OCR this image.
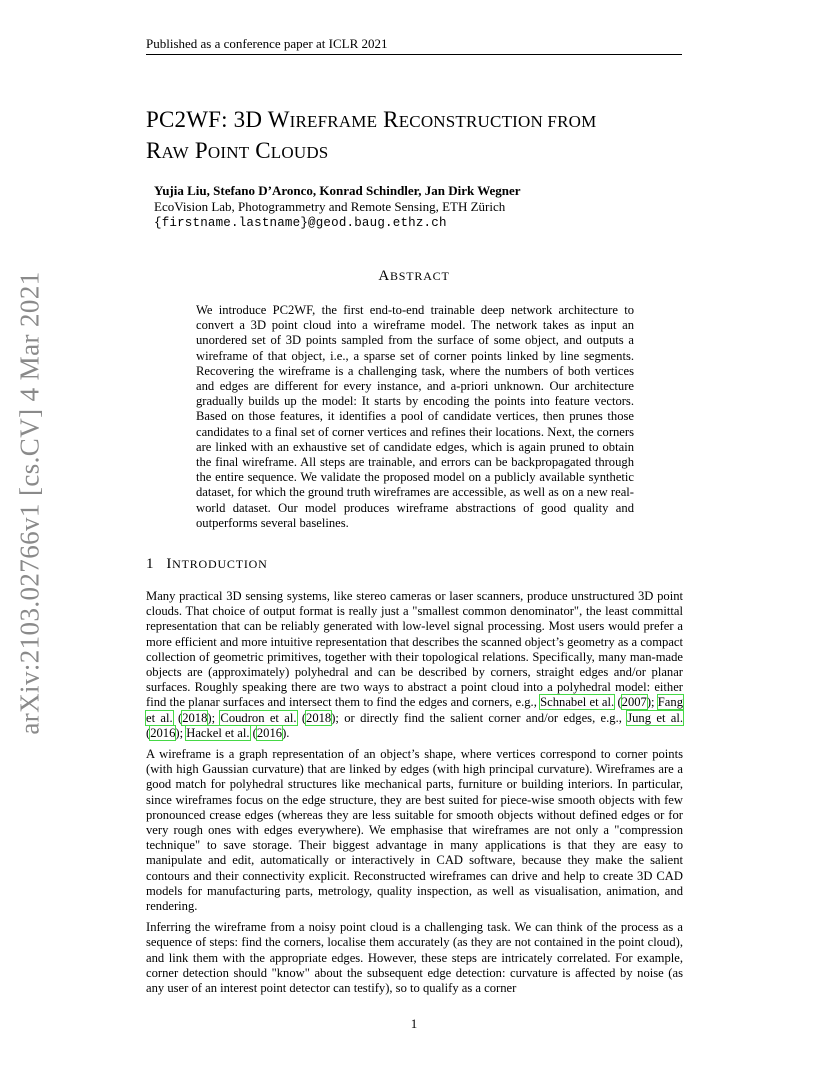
Published as a conference paper at ICLR 2021
arXiv:2103.02766v1 [cs.CV] 4 Mar 2021
PC2WF: 3D WIREFRAME RECONSTRUCTION FROM
RAW POINT CLOUDS
Yujia Liu, Stefano D’Aronco, Konrad Schindler, Jan Dirk Wegner
EcoVision Lab, Photogrammetry and Remote Sensing, ETH Zürich
{firstname.lastname}@geod.baug.ethz.ch
ABSTRACT

We introduce PC2WF, the first end-to-end trainable deep network architecture to convert a 3D point cloud into a wireframe model. The network takes as input an unordered set of 3D points sampled from the surface of some object, and outputs a wireframe of that object, i.e., a sparse set of corner points linked by line segments. Recovering the wireframe is a challenging task, where the numbers of both vertices and edges are different for every instance, and a-priori unknown. Our architecture gradually builds up the model: It starts by encoding the points into feature vectors. Based on those features, it identifies a pool of candidate vertices, then prunes those candidates to a final set of corner vertices and refines their locations. Next, the corners are linked with an exhaustive set of candidate edges, which is again pruned to obtain the final wireframe. All steps are trainable, and errors can be backpropagated through the entire sequence. We validate the proposed model on a publicly available synthetic dataset, for which the ground truth wireframes are accessible, as well as on a new real-world dataset. Our model produces wireframe abstractions of good quality and outperforms several baselines.

1 INTRODUCTION

Many practical 3D sensing systems, like stereo cameras or laser scanners, produce unstructured 3D point clouds. That choice of output format is really just a "smallest common denominator", the least committal representation that can be reliably generated with low-level signal processing. Most users would prefer a more efficient and more intuitive representation that describes the scanned object’s geometry as a compact collection of geometric primitives, together with their topological relations. Specifically, many man-made objects are (approximately) polyhedral and can be described by corners, straight edges and/or planar surfaces. Roughly speaking there are two ways to abstract a point cloud into a polyhedral model: either find the planar surfaces and intersect them to find the edges and corners, e.g., Schnabel et al. (2007); Fang et al. (2018); Coudron et al. (2018); or directly find the salient corner and/or edges, e.g., Jung et al. (2016); Hackel et al. (2016).

A wireframe is a graph representation of an object’s shape, where vertices correspond to corner points (with high Gaussian curvature) that are linked by edges (with high principal curvature). Wireframes are a good match for polyhedral structures like mechanical parts, furniture or building interiors. In particular, since wireframes focus on the edge structure, they are best suited for piece-wise smooth objects with few pronounced crease edges (whereas they are less suitable for smooth objects without defined edges or for very rough ones with edges everywhere). We emphasise that wireframes are not only a "compression technique" to save storage. Their biggest advantage in many applications is that they are easy to manipulate and edit, automatically or interactively in CAD software, because they make the salient contours and their connectivity explicit. Reconstructed wireframes can drive and help to create 3D CAD models for manufacturing parts, metrology, quality inspection, as well as visualisation, animation, and rendering.

Inferring the wireframe from a noisy point cloud is a challenging task. We can think of the process as a sequence of steps: find the corners, localise them accurately (as they are not contained in the point cloud), and link them with the appropriate edges. However, these steps are intricately correlated. For example, corner detection should "know" about the subsequent edge detection: curvature is affected by noise (as any user of an interest point detector can testify), so to qualify as a corner

1
